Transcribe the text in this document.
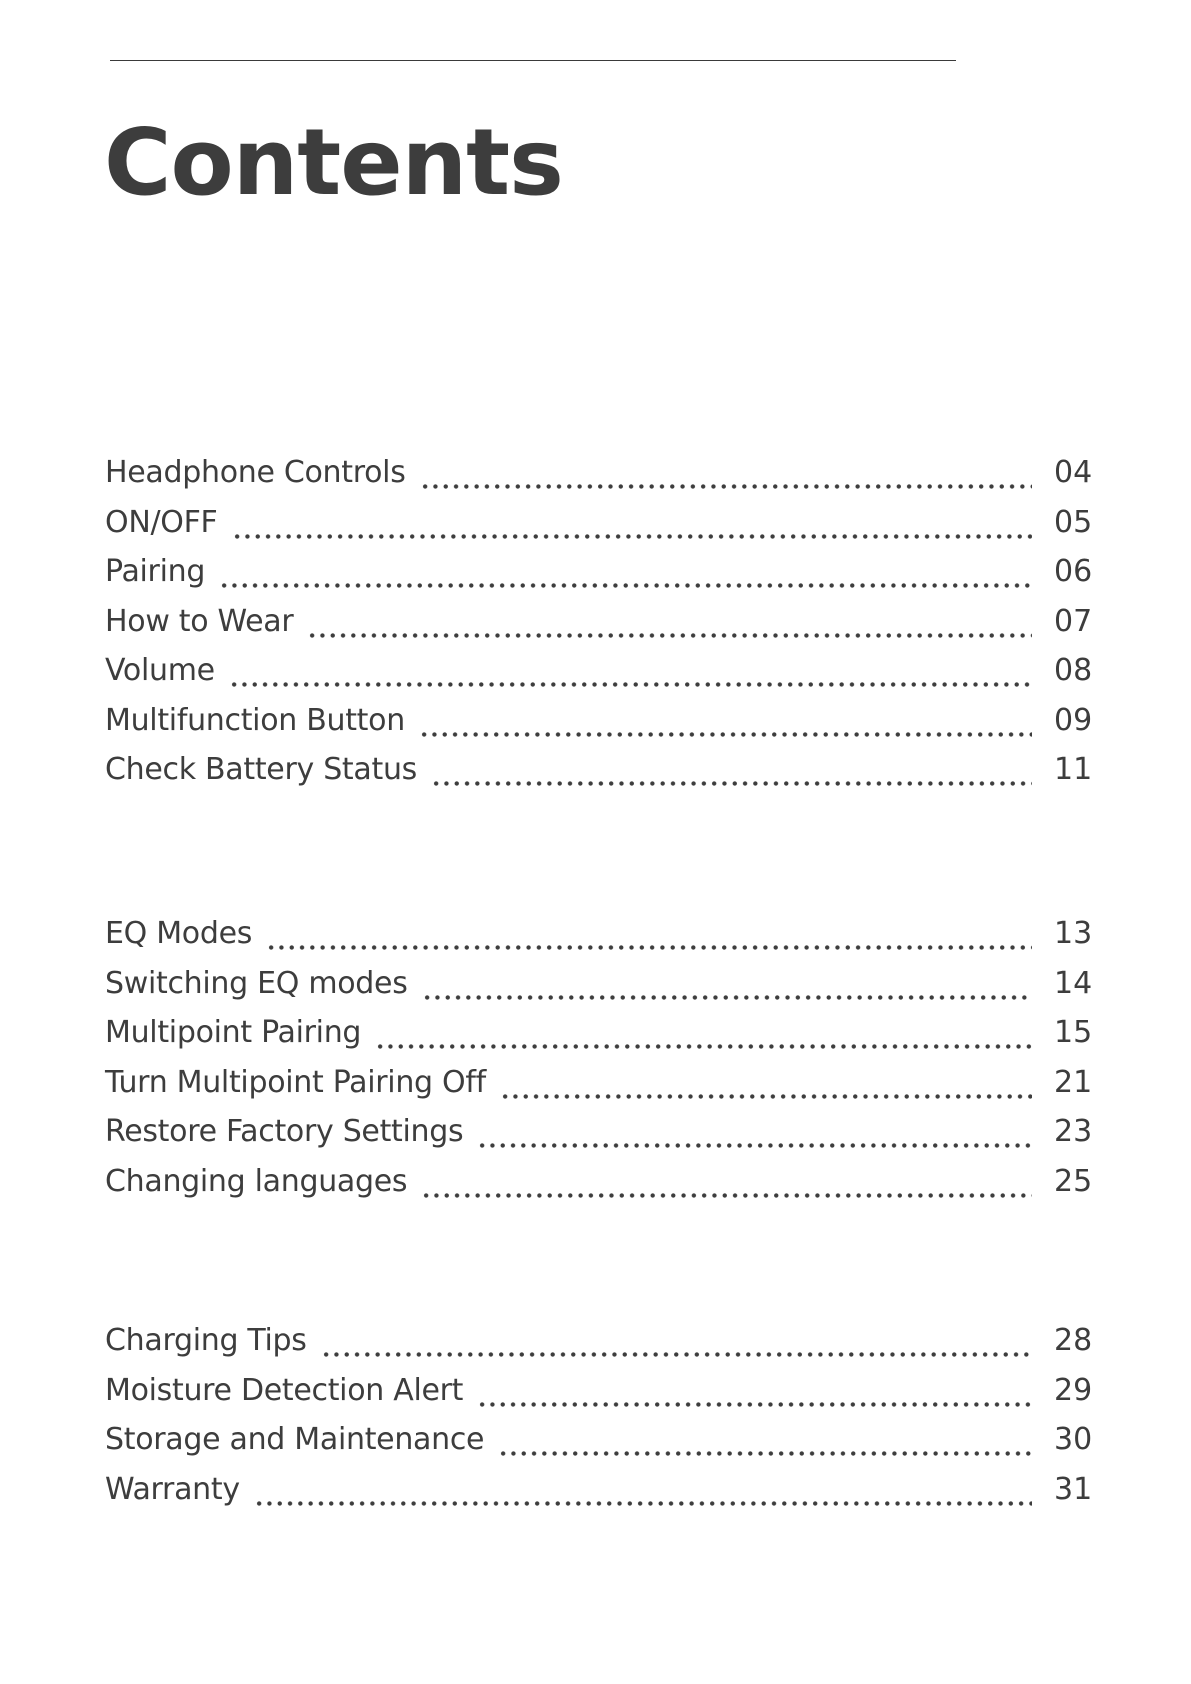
Contents
Headphone Controls	04
ON/OFF	05
Pairing	06
How to Wear	07
Volume	08
Multifunction Button	09
Check Battery Status	11
EQ Modes	13
Switching EQ modes	14
Multipoint Pairing	15
Turn Multipoint Pairing Off	21
Restore Factory Settings	23
Changing languages	25
Charging Tips	28
Moisture Detection Alert	29
Storage and Maintenance	30
Warranty	31
